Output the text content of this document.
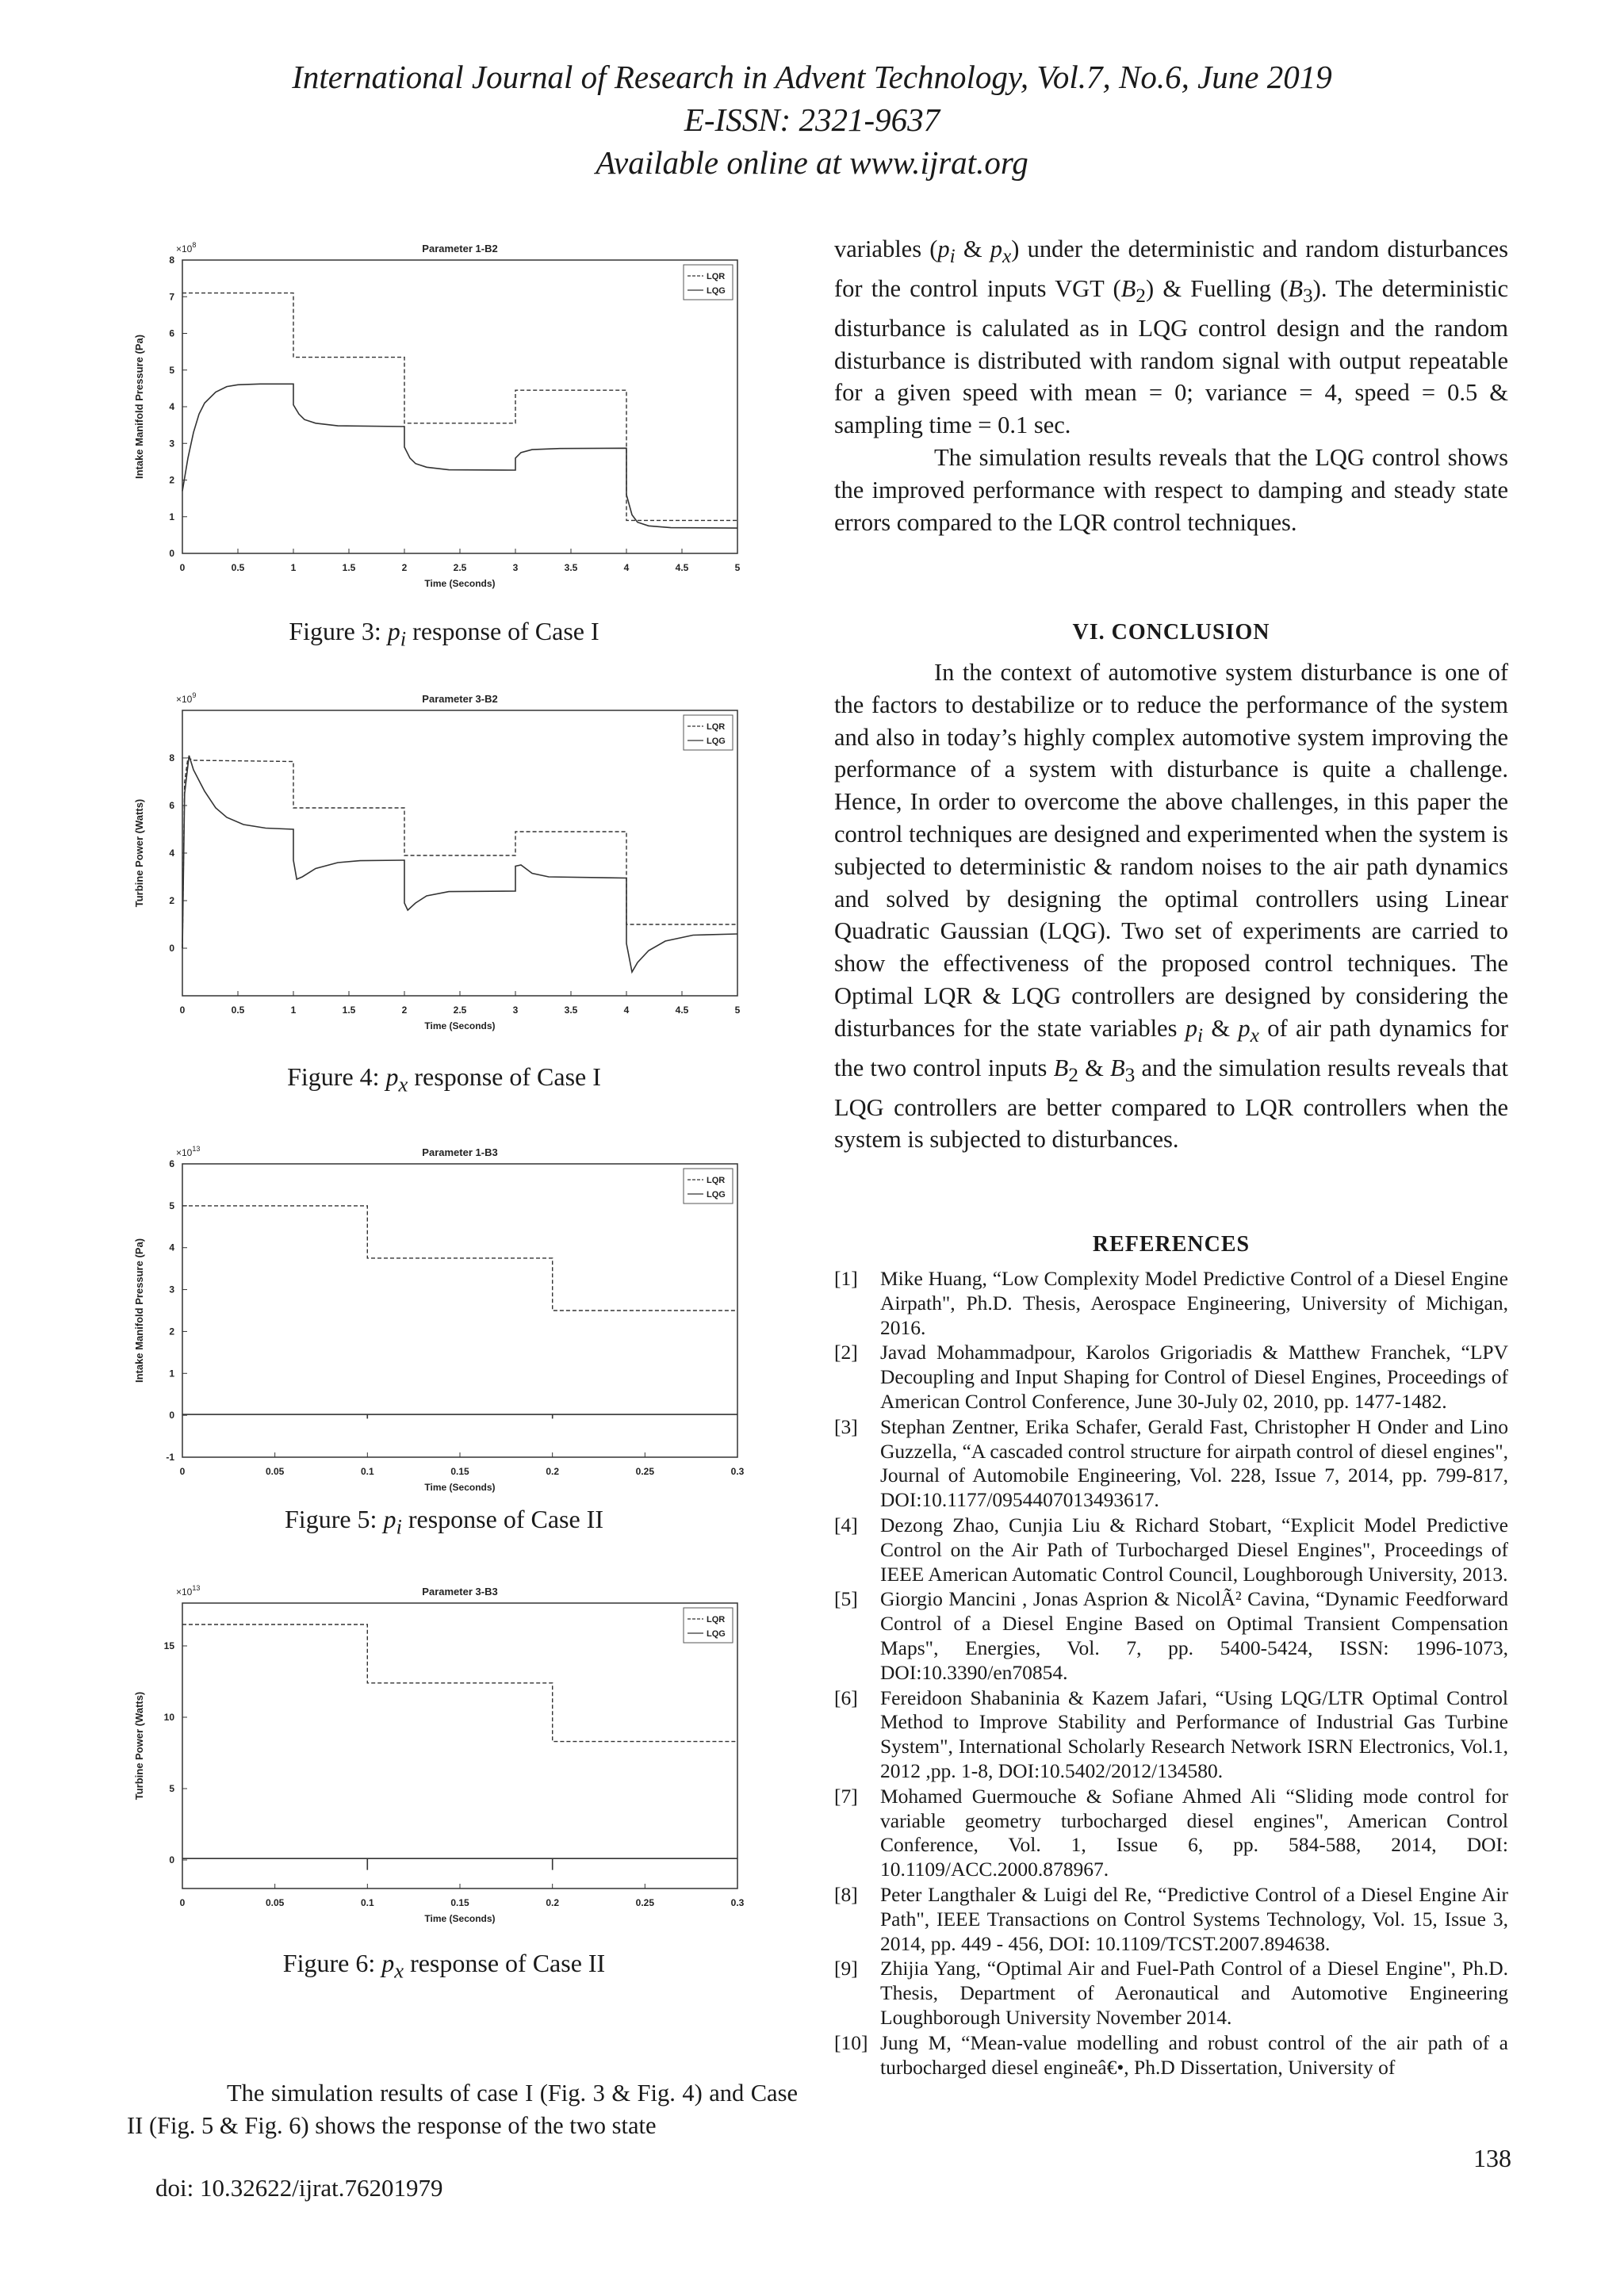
International Journal of Research in Advent Technology, Vol.7, No.6, June 2019
E-ISSN: 2321-9637
Available online at www.ijrat.org
Parameter 1-B2
$\times 10^8$
0	0.5	1	1.5	2	2.5	3	3.5	4	4.5	5
0
1
2
3
4
5
6
7
8
Time (Seconds)
Intake Manifold Pressure (Pa)
LQR
LQG
Figure 3: $p_i$ response of Case I
Parameter 3-B2
$\times 10^9$
0	0.5	1	1.5	2	2.5	3	3.5	4	4.5	5
0
2
4
6
8
Time (Seconds)
Turbine Power (Watts)
LQR
LQG
Figure 4: $p_x$ response of Case I
Parameter 1-B3
$\times 10^{13}$
0	0.05	0.1	0.15	0.2	0.25	0.3
-1
0
1
2
3
4
5
6
Time (Seconds)
Intake Manifold Pressure (Pa)
LQR
LQG
Figure 5: $p_i$ response of Case II
Parameter 3-B3
$\times 10^{13}$
0	0.05	0.1	0.15	0.2	0.25	0.3
0
5
10
15
Time (Seconds)
Turbine Power (Watts)
LQR
LQG
Figure 6: $p_x$ response of Case II

The simulation results of case I (Fig. 3 & Fig. 4) and Case II (Fig. 5 & Fig. 6) shows the response of the two state

variables ($p_i$ & $p_x$) under the deterministic and random disturbances for the control inputs VGT $(B_2)$ & Fuelling $(B_3)$. The deterministic disturbance is calulated as in LQG control design and the random disturbance is distributed with random signal with output repeatable for a given speed with mean = 0; variance = 4, speed = 0.5 & sampling time = 0.1 sec.

The simulation results reveals that the LQG control shows the improved performance with respect to damping and steady state errors compared to the LQR control techniques.

VI. CONCLUSION

In the context of automotive system disturbance is one of the factors to destabilize or to reduce the performance of the system and also in today’s highly complex automotive system improving the performance of a system with disturbance is quite a challenge. Hence, In order to overcome the above challenges, in this paper the control techniques are designed and experimented when the system is subjected to deterministic & random noises to the air path dynamics and solved by designing the optimal controllers using Linear Quadratic Gaussian (LQG). Two set of experiments are carried to show the effectiveness of the proposed control techniques. The Optimal LQR & LQG controllers are designed by considering the disturbances for the state variables $p_i$ & $p_x$ of air path dynamics for the two control inputs $B_2$ & $B_3$ and the simulation results reveals that LQG controllers are better compared to LQR controllers when the system is subjected to disturbances.

REFERENCES
[1]	Mike Huang, “Low Complexity Model Predictive Control of a Diesel Engine Airpath", Ph.D. Thesis, Aerospace Engineering, University of Michigan, 2016.
[2]	Javad Mohammadpour, Karolos Grigoriadis & Matthew Franchek, “LPV Decoupling and Input Shaping for Control of Diesel Engines, Proceedings of American Control Conference, June 30-July 02, 2010, pp. 1477-1482.
[3]	Stephan Zentner, Erika Schafer, Gerald Fast, Christopher H Onder and Lino Guzzella, “A cascaded control structure for airpath control of diesel engines", Journal of Automobile Engineering, Vol. 228, Issue 7, 2014, pp. 799-817, DOI:10.1177/0954407013493617.
[4]	Dezong Zhao, Cunjia Liu & Richard Stobart, “Explicit Model Predictive Control on the Air Path of Turbocharged Diesel Engines", Proceedings of IEEE American Automatic Control Council, Loughborough University, 2013.
[5]	Giorgio Mancini , Jonas Asprion & NicolÃ² Cavina, “Dynamic Feedforward Control of a Diesel Engine Based on Optimal Transient Compensation Maps", Energies, Vol. 7, pp. 5400-5424, ISSN: 1996-1073, DOI:10.3390/en70854.
[6]	Fereidoon Shabaninia & Kazem Jafari, “Using LQG/LTR Optimal Control Method to Improve Stability and Performance of Industrial Gas Turbine System", International Scholarly Research Network ISRN Electronics, Vol.1, 2012 ,pp. 1-8, DOI:10.5402/2012/134580.
[7]	Mohamed Guermouche & Sofiane Ahmed Ali “Sliding mode control for variable geometry turbocharged diesel engines", American Control Conference, Vol. 1, Issue 6, pp. 584-588, 2014, DOI: 10.1109/ACC.2000.878967.
[8]	Peter Langthaler & Luigi del Re, “Predictive Control of a Diesel Engine Air Path", IEEE Transactions on Control Systems Technology, Vol. 15, Issue 3, 2014, pp. 449 - 456, DOI: 10.1109/TCST.2007.894638.
[9]	Zhijia Yang, “Optimal Air and Fuel-Path Control of a Diesel Engine", Ph.D. Thesis, Department of Aeronautical and Automotive Engineering Loughborough University November 2014.
[10] Jung M, “Mean-value modelling and robust control of the air path of a turbocharged diesel engineâ€•, Ph.D Dissertation, University of
doi: 10.32622/ijrat.76201979
138
